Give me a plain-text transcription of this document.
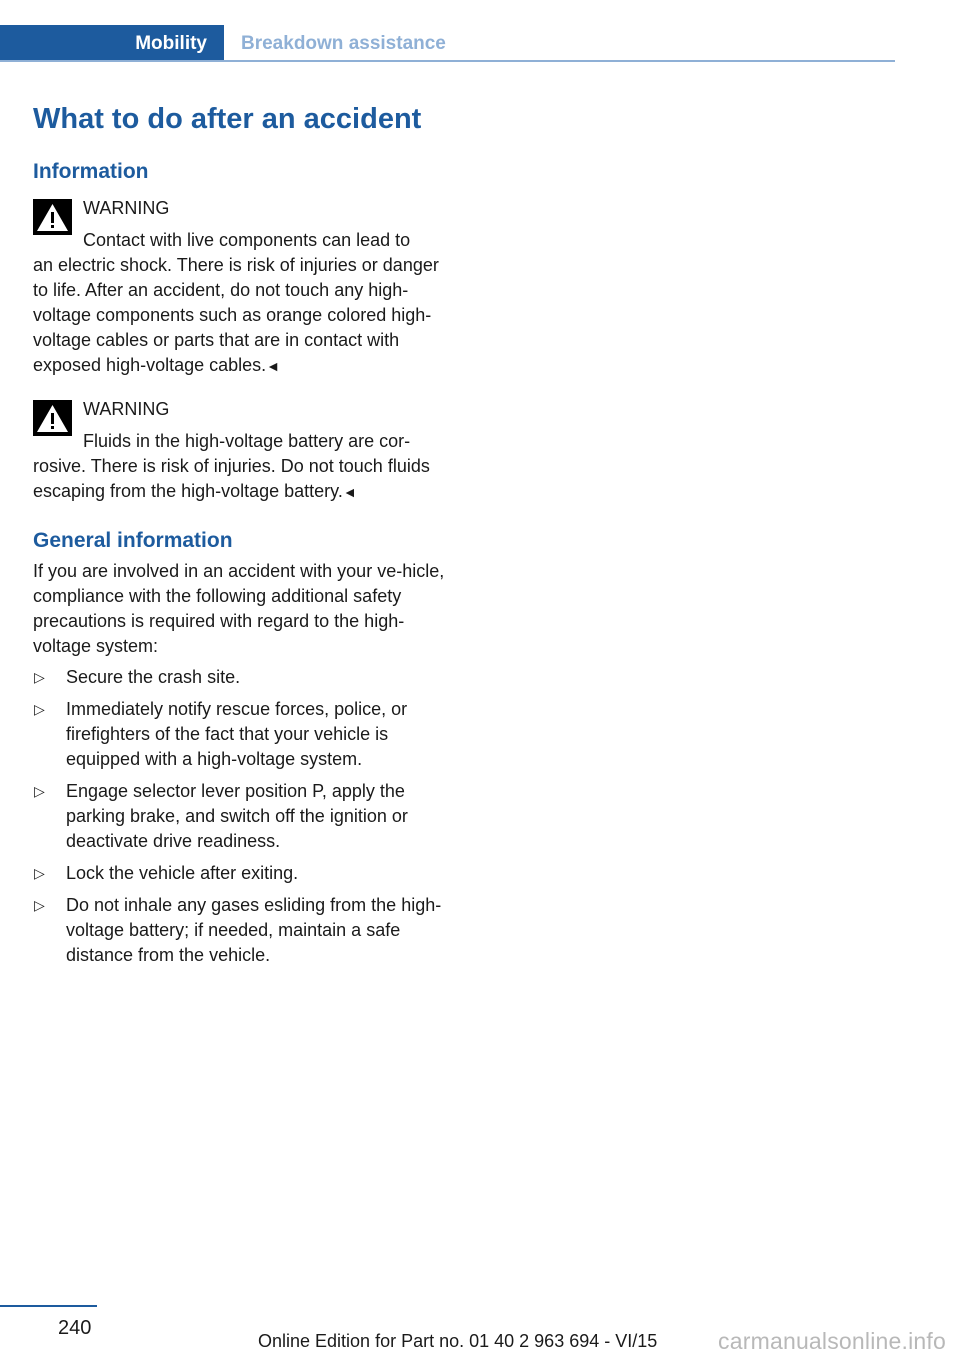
Mobility	Breakdown assistance
What to do after an accident
Information
WARNING
Contact with live components can lead to
an electric shock. There is risk of injuries or danger to life. After an accident, do not touch any high-voltage components such as orange colored high-voltage cables or parts that are in contact with exposed high-voltage cables.◄
WARNING
Fluids in the high-voltage battery are cor-
rosive. There is risk of injuries. Do not touch fluids escaping from the high-voltage battery.◄
General information

If you are involved in an accident with your ve-hicle, compliance with the following additional safety precautions is required with regard to the high-voltage system:

▷ Secure the crash site.
▷ Immediately notify rescue forces, police, or firefighters of the fact that your vehicle is equipped with a high-voltage system.
▷ Engage selector lever position P, apply the parking brake, and switch off the ignition or deactivate drive readiness.
▷ Lock the vehicle after exiting.
▷ Do not inhale any gases esliding from the high-voltage battery; if needed, maintain a safe distance from the vehicle.
240
Online Edition for Part no. 01 40 2 963 694 - VI/15	carmanualsonline.info
